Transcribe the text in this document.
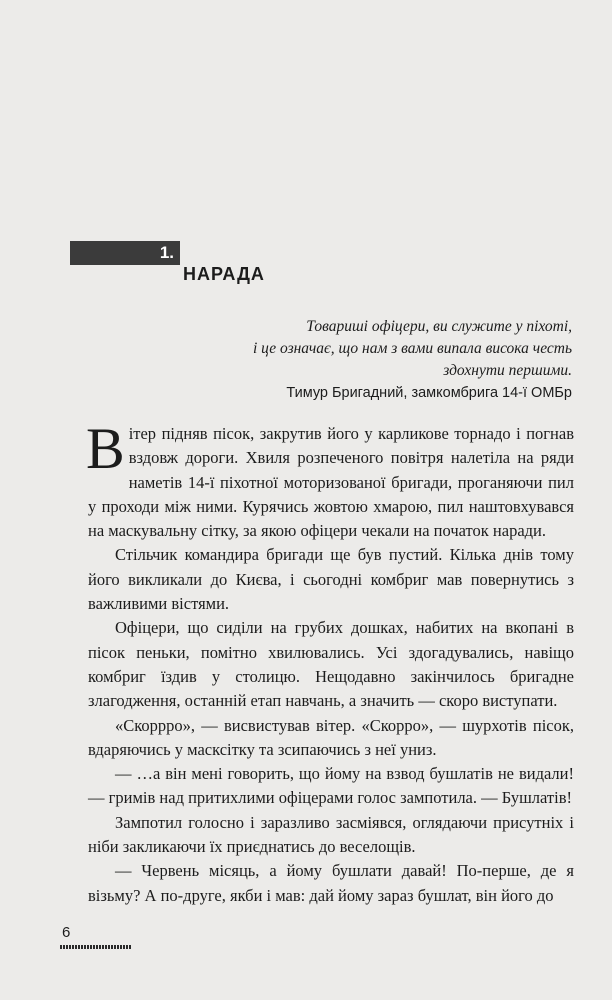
1.
НАРАДА
Товариші офіцери, ви служите у піхоті,
і це означає, що нам з вами випала висока честь
здохнути першими.
Тимур Бригадний, замкомбрига 14-ї ОМБр

Вітер підняв пісок, закрутив його у карликове торнадо і погнав вздовж дороги. Хвиля розпеченого повітря налетіла на ряди наметів 14-ї піхотної моторизованої бригади, проганяючи пил у проходи між ними. Курячись жовтою хмарою, пил наштовхувався на маскувальну сітку, за якою офіцери чекали на початок наради.

Стільчик командира бригади ще був пустий. Кілька днів тому його викликали до Києва, і сьогодні комбриг мав повернутись з важливими вістями.

Офіцери, що сиділи на грубих дошках, набитих на вкопані в пісок пеньки, помітно хвилювались. Усі здогадувались, навіщо комбриг їздив у столицю. Нещодавно закінчилось бригадне злагодження, останній етап навчань, а значить — скоро виступати.

«Скоррро», — висвистував вітер. «Скорро», — шурхотів пісок, вдаряючись у масксітку та зсипаючись з неї униз.

— …а він мені говорить, що йому на взвод бушлатів не видали! — гримів над притихлими офіцерами голос зампотила. — Бушлатів!

Зампотил голосно і заразливо засміявся, оглядаючи присутніх і ніби закликаючи їх приєднатись до веселощів.

— Червень місяць, а йому бушлати давай! По-перше, де я візьму? А по-друге, якби і мав: дай йому зараз бушлат, він його до

6
